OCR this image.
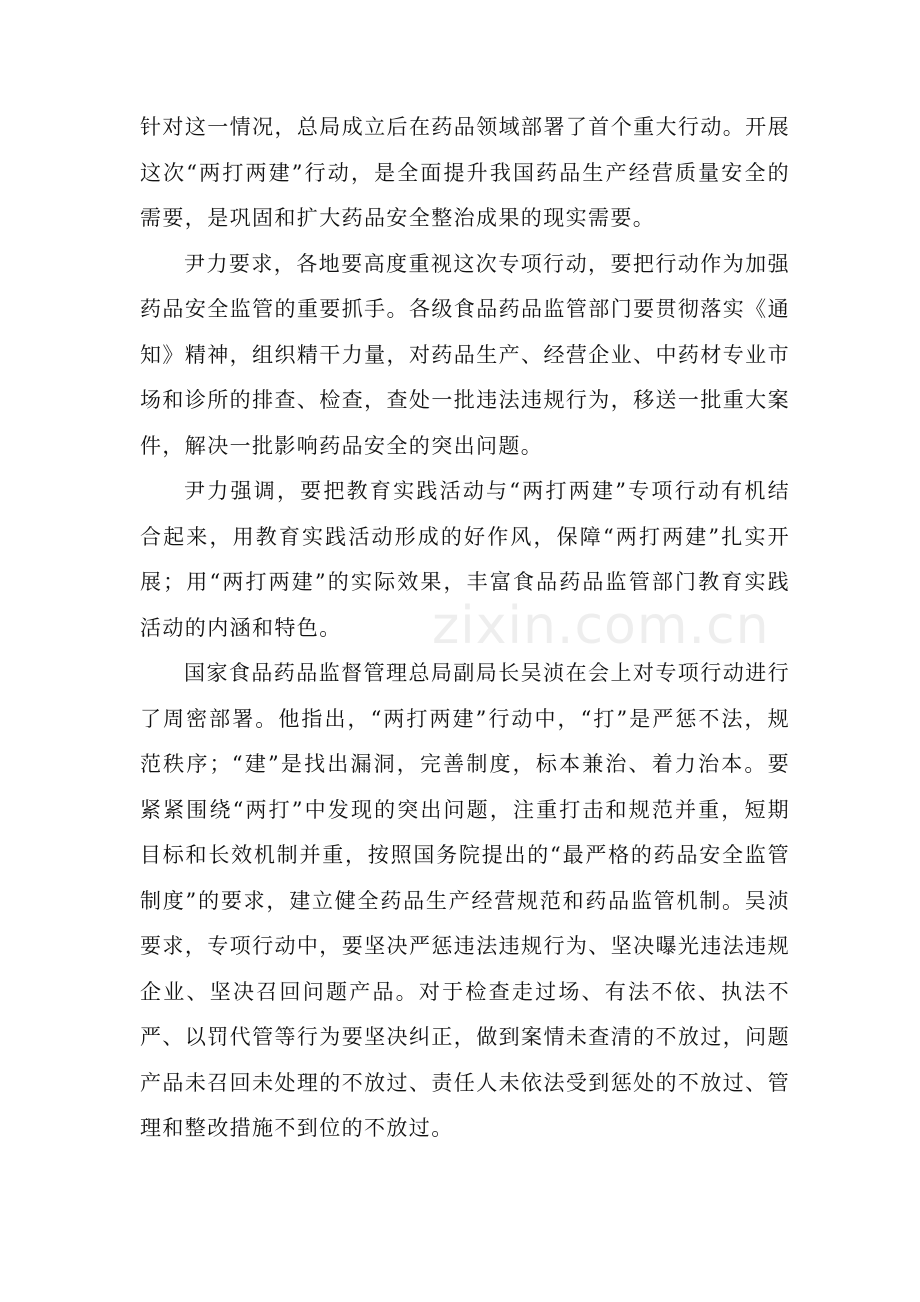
针对这一情况，总局成立后在药品领域部署了首个重大行动。开展这次“两打两建”行动，是全面提升我国药品生产经营质量安全的需要，是巩固和扩大药品安全整治成果的现实需要。

尹力要求，各地要高度重视这次专项行动，要把行动作为加强药品安全监管的重要抓手。各级食品药品监管部门要贯彻落实《通知》精神，组织精干力量，对药品生产、经营企业、中药材专业市场和诊所的排查、检查，查处一批违法违规行为，移送一批重大案件，解决一批影响药品安全的突出问题。

尹力强调，要把教育实践活动与“两打两建”专项行动有机结合起来，用教育实践活动形成的好作风，保障“两打两建”扎实开展；用“两打两建”的实际效果，丰富食品药品监管部门教育实践活动的内涵和特色。

国家食品药品监督管理总局副局长吴浈在会上对专项行动进行了周密部署。他指出，“两打两建”行动中，“打”是严惩不法，规范秩序；“建”是找出漏洞，完善制度，标本兼治、着力治本。要紧紧围绕“两打”中发现的突出问题，注重打击和规范并重，短期目标和长效机制并重，按照国务院提出的“最严格的药品安全监管制度”的要求，建立健全药品生产经营规范和药品监管机制。吴浈要求，专项行动中，要坚决严惩违法违规行为、坚决曝光违法违规企业、坚决召回问题产品。对于检查走过场、有法不依、执法不严、以罚代管等行为要坚决纠正，做到案情未查清的不放过，问题产品未召回未处理的不放过、责任人未依法受到惩处的不放过、管理和整改措施不到位的不放过。

zixin.com.cn
